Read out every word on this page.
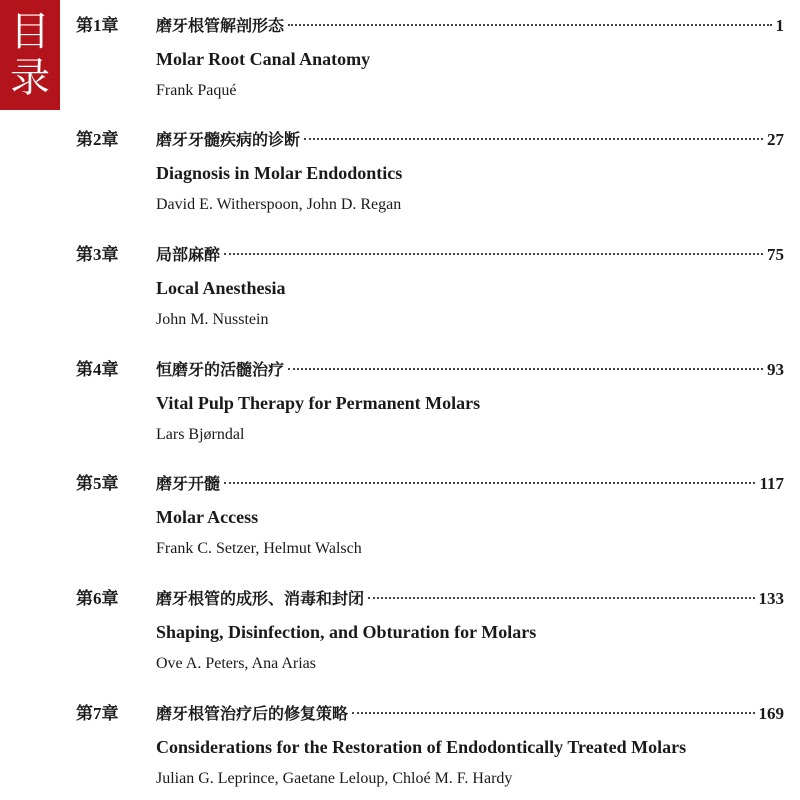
目
录
第1章 磨牙根管解剖形态	1
Molar Root Canal Anatomy
Frank Paqué
第2章 磨牙牙髓疾病的诊断	27
Diagnosis in Molar Endodontics
David E. Witherspoon, John D. Regan
第3章 局部麻醉	75
Local Anesthesia
John M. Nusstein
第4章 恒磨牙的活髓治疗	93
Vital Pulp Therapy for Permanent Molars
Lars Bjørndal
第5章 磨牙开髓	117
Molar Access
Frank C. Setzer, Helmut Walsch
第6章 磨牙根管的成形、消毒和封闭	133
Shaping, Disinfection, and Obturation for Molars
Ove A. Peters, Ana Arias
第7章 磨牙根管治疗后的修复策略	169
Considerations for the Restoration of Endodontically Treated Molars
Julian G. Leprince, Gaetane Leloup, Chloé M. F. Hardy
